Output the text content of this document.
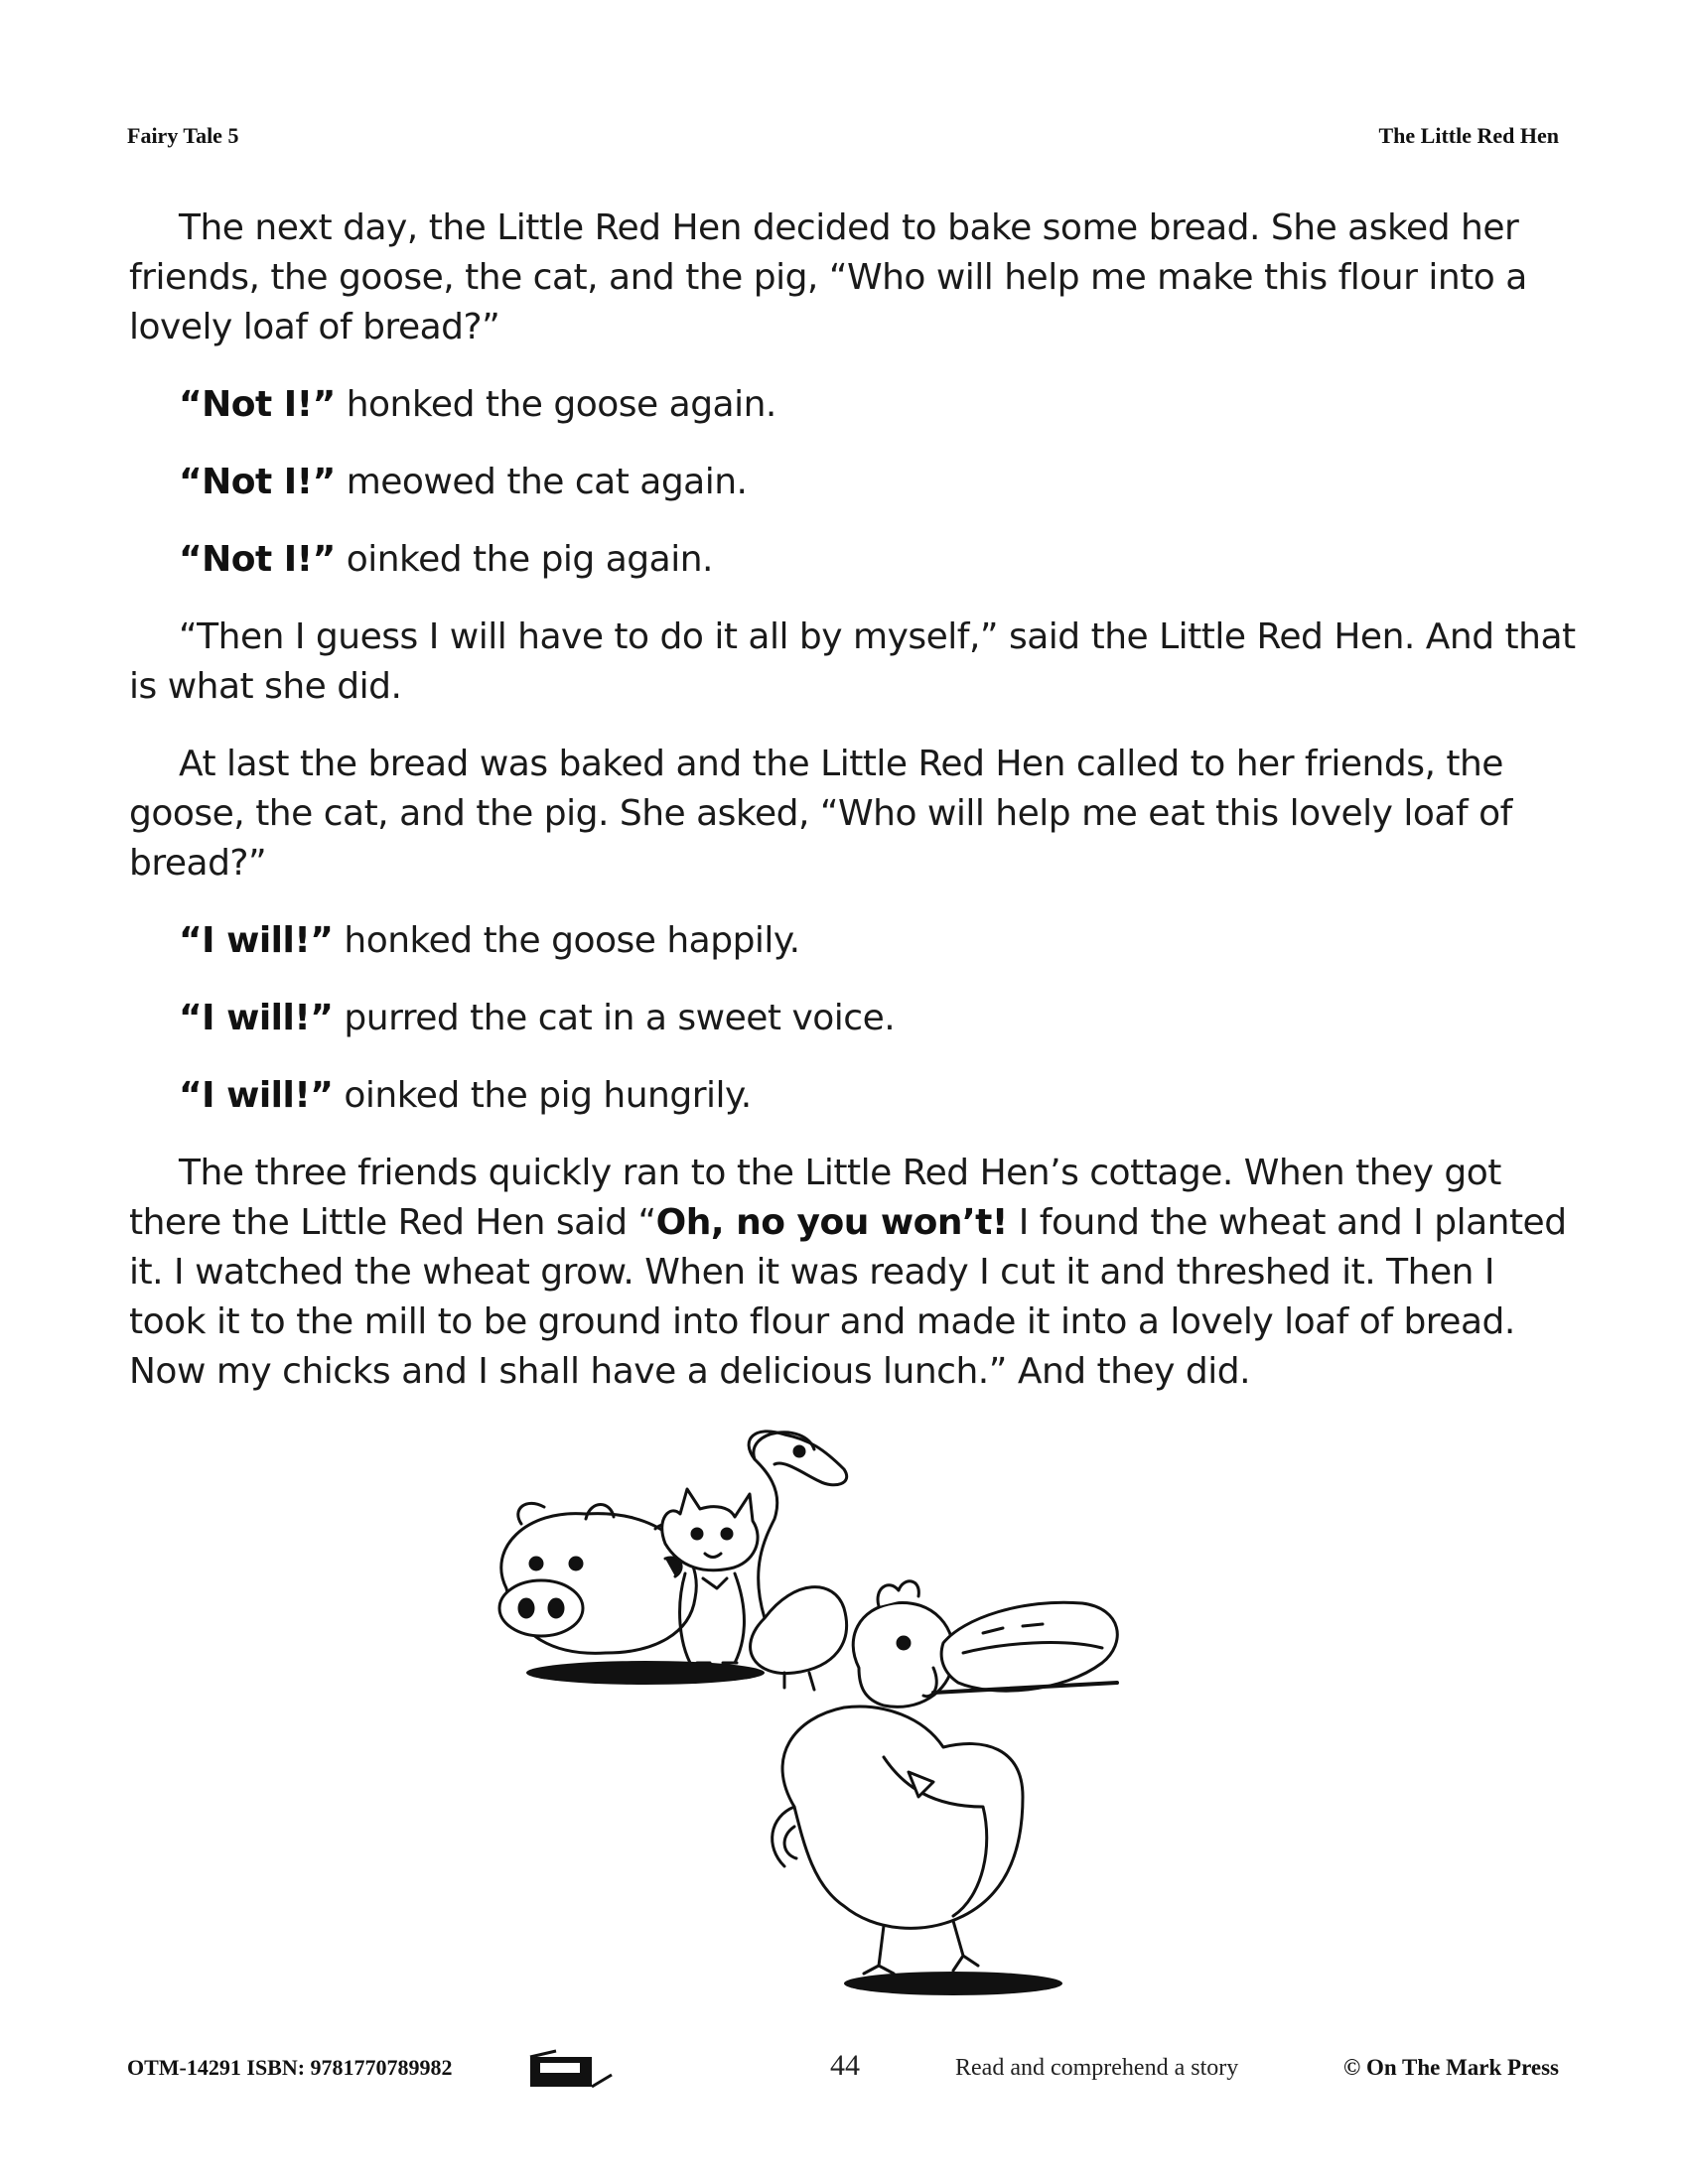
Fairy Tale 5	The Little Red Hen

The next day, the Little Red Hen decided to bake some bread. She asked her friends, the goose, the cat, and the pig, “Who will help me make this flour into a lovely loaf of bread?”

“Not I!” honked the goose again.

“Not I!” meowed the cat again.

“Not I!” oinked the pig again.

“Then I guess I will have to do it all by myself,” said the Little Red Hen. And that is what she did.

At last the bread was baked and the Little Red Hen called to her friends, the goose, the cat, and the pig. She asked, “Who will help me eat this lovely loaf of bread?”

“I will!” honked the goose happily.

“I will!” purred the cat in a sweet voice.

“I will!” oinked the pig hungrily.

The three friends quickly ran to the Little Red Hen’s cottage. When they got there the Little Red Hen said “Oh, no you won’t! I found the wheat and I planted it. I watched the wheat grow. When it was ready I cut it and threshed it. Then I took it to the mill to be ground into flour and made it into a lovely loaf of bread. Now my chicks and I shall have a delicious lunch.” And they did.

OTM-14291 ISBN: 9781770789982	44	Read and comprehend a story	© On The Mark Press
